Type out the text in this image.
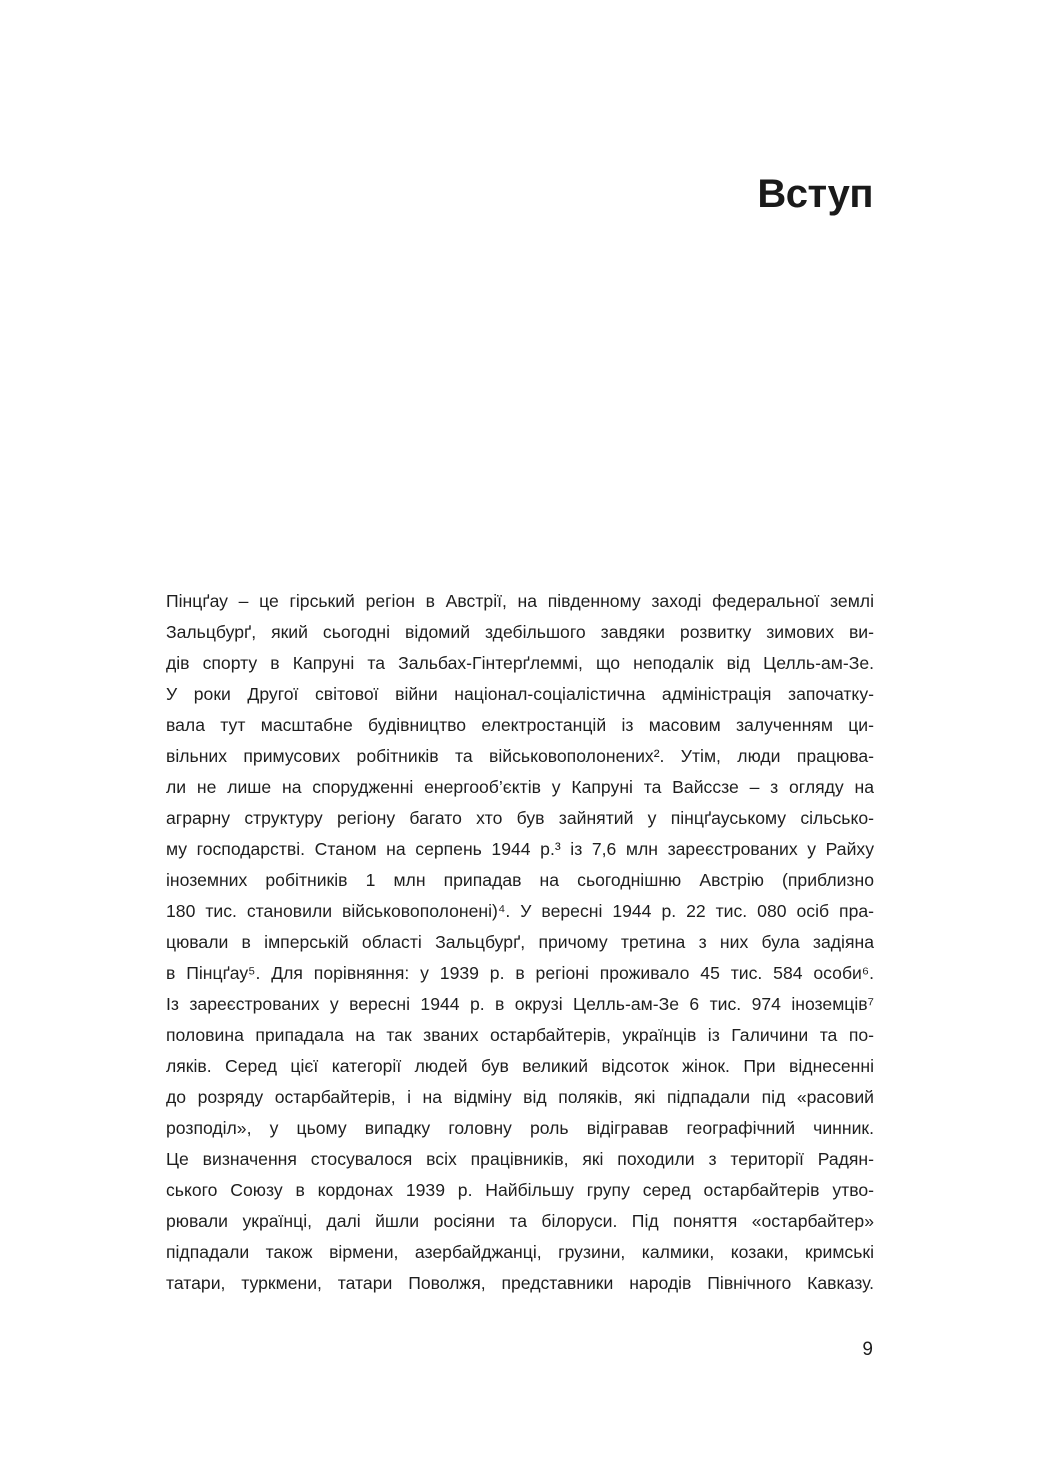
Вступ
Пінцґау – це гірський регіон в Австрії, на південному заході федеральної землі
Зальцбурґ, який сьогодні відомий здебільшого завдяки розвитку зимових ви-
дів спорту в Капруні та Зальбах-Гінтерґлеммі, що неподалік від Целль-ам-Зе.
У роки Другої світової війни націонал-соціалістична адміністрація започатку-
вала тут масштабне будівництво електростанцій із масовим залученням ци-
вільних примусових робітників та військовополонених². Утім, люди працюва-
ли не лише на спорудженні енергооб’єктів у Капруні та Вайссзе – з огляду на
аграрну структуру регіону багато хто був зайнятий у пінцґауському сільсько-
му господарстві. Станом на серпень 1944 р.³ із 7,6 млн зареєстрованих у Райху
іноземних робітників 1 млн припадав на сьогоднішню Австрію (приблизно
180 тис. становили військовополонені)⁴. У вересні 1944 р. 22 тис. 080 осіб пра-
цювали в імперській області Зальцбурґ, причому третина з них була задіяна
в Пінцґау⁵. Для порівняння: у 1939 р. в регіоні проживало 45 тис. 584 особи⁶.
Із зареєстрованих у вересні 1944 р. в окрузі Целль-ам-Зе 6 тис. 974 іноземців⁷
половина припадала на так званих остарбайтерів, українців із Галичини та по-
ляків. Серед цієї категорії людей був великий відсоток жінок. При віднесенні
до розряду остарбайтерів, і на відміну від поляків, які підпадали під «расовий
розподіл», у цьому випадку головну роль відігравав географічний чинник.
Це визначення стосувалося всіх працівників, які походили з території Радян-
ського Союзу в кордонах 1939 р. Найбільшу групу серед остарбайтерів утво-
рювали українці, далі йшли росіяни та білоруси. Під поняття «остарбайтер»
підпадали також вірмени, азербайджанці, грузини, калмики, козаки, кримські
татари, туркмени, татари Поволжя, представники народів Північного Кавказу.
9
